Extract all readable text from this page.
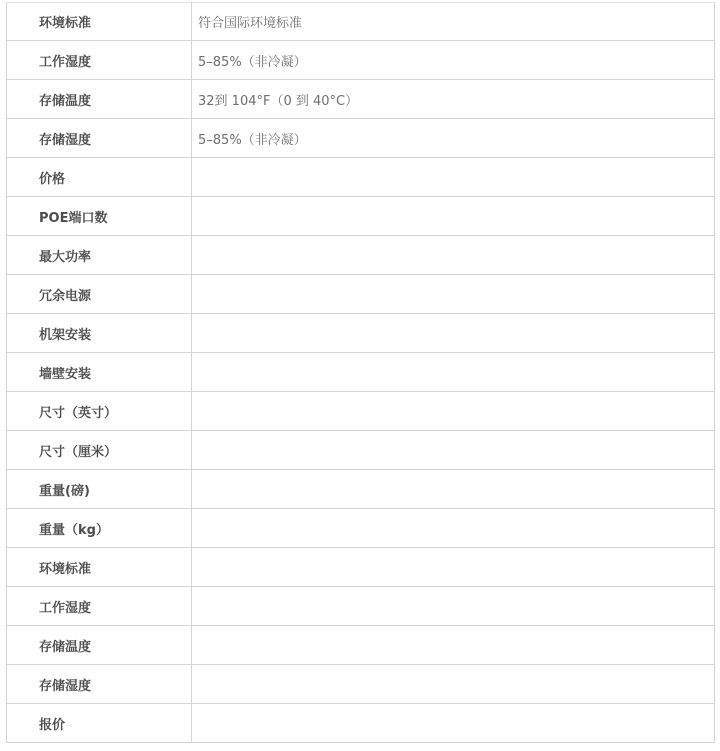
环境标准	符合国际环境标准
工作湿度	5–85%（非冷凝）
存储温度	32到 104°F（0 到 40°C）
存储湿度	5–85%（非冷凝）
价格	
POE端口数	
最大功率	
冗余电源	
机架安装	
墙壁安装	
尺寸（英寸）	
尺寸（厘米）	
重量(磅)	
重量（kg）	
环境标准	
工作湿度	
存储温度	
存储湿度	
报价	
